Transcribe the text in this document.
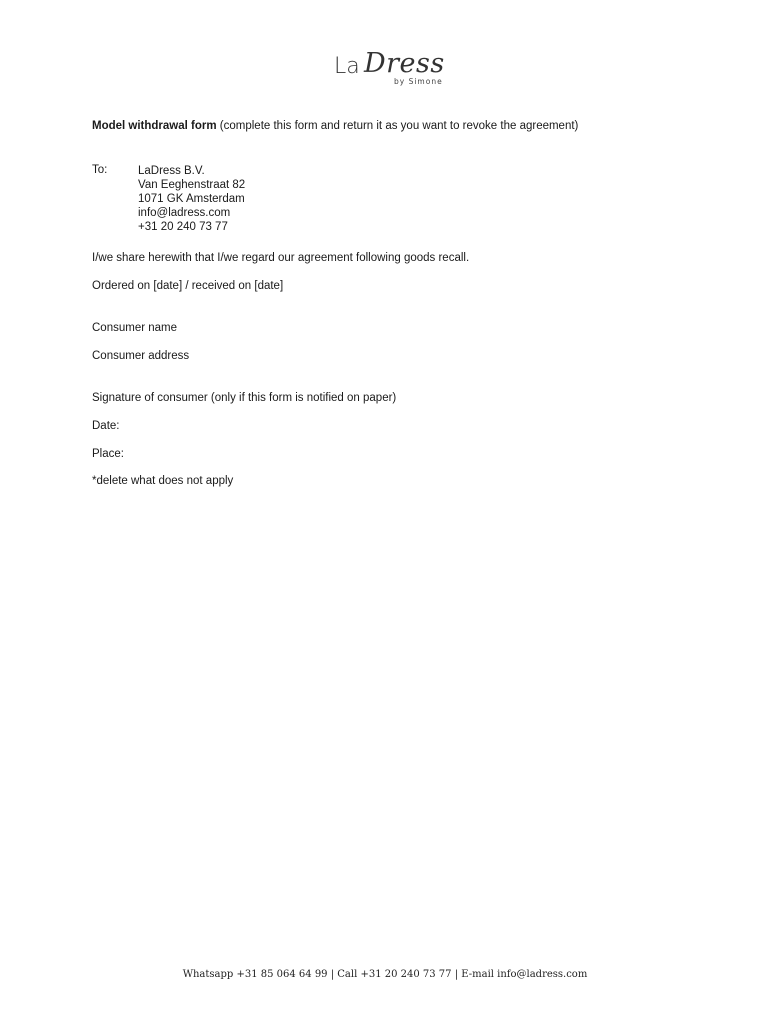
La Dress
by Simone
Model withdrawal form (complete this form and return it as you want to revoke the agreement)
To:	LaDress B.V.
Van Eeghenstraat 82
1071 GK Amsterdam
info@ladress.com
+31 20 240 73 77
I/we share herewith that I/we regard our agreement following goods recall.
Ordered on [date] / received on [date]
Consumer name
Consumer address
Signature of consumer (only if this form is notified on paper)
Date:
Place:
*delete what does not apply
Whatsapp +31 85 064 64 99 | Call +31 20 240 73 77 | E-mail info@ladress.com
